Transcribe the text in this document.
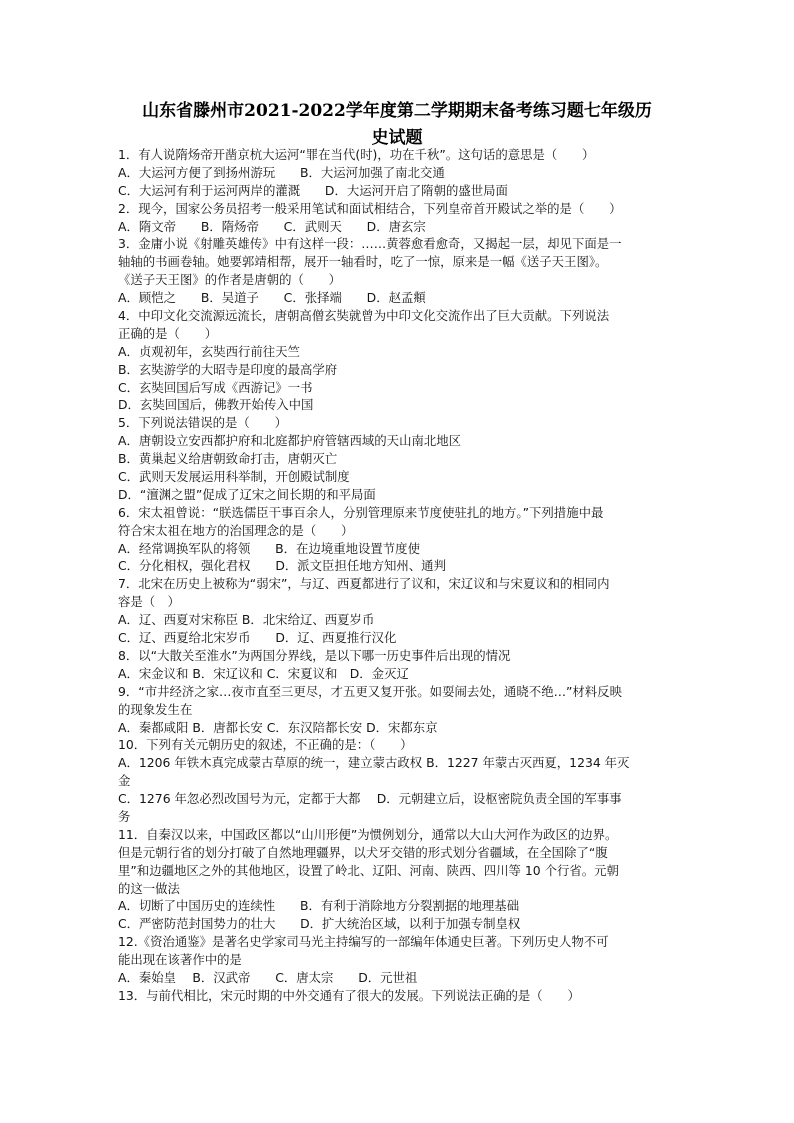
山东省滕州市2021-2022学年度第二学期期末备考练习题七年级历
史试题
1．有人说隋炀帝开凿京杭大运河“罪在当代(时)，功在千秋”。这句话的意思是（　　）
A．大运河方便了到扬州游玩　　B．大运河加强了南北交通
C．大运河有利于运河两岸的灌溉　　D．大运河开启了隋朝的盛世局面
2．现今，国家公务员招考一般采用笔试和面试相结合，下列皇帝首开殿试之举的是（　　）
A．隋文帝　　B．隋炀帝　　C．武则天　　D．唐玄宗
3．金庸小说《射雕英雄传》中有这样一段：……黄蓉愈看愈奇，又揭起一层，却见下面是一
轴轴的书画卷轴。她要郭靖相帮，展开一轴看时，吃了一惊，原来是一幅《送子天王图》。
《送子天王图》的作者是唐朝的（　　）
A．顾恺之　　B．吴道子　　C．张择端　　D．赵孟頫
4．中印文化交流源远流长，唐朝高僧玄奘就曾为中印文化交流作出了巨大贡献。下列说法
正确的是（　　）
A．贞观初年，玄奘西行前往天竺
B．玄奘游学的大昭寺是印度的最高学府
C．玄奘回国后写成《西游记》一书
D．玄奘回国后，佛教开始传入中国
5．下列说法错误的是（　　）
A．唐朝设立安西都护府和北庭都护府管辖西域的天山南北地区
B．黄巢起义给唐朝致命打击，唐朝灭亡
C．武则天发展运用科举制，开创殿试制度
D．“澶渊之盟”促成了辽宋之间长期的和平局面
6．宋太祖曾说：“朕选儒臣干事百余人，分别管理原来节度使驻扎的地方。”下列措施中最
符合宋太祖在地方的治国理念的是（　　）
A．经常调换军队的将领　　B．在边境重地设置节度使
C．分化相权，强化君权　　D．派文臣担任地方知州、通判
7．北宋在历史上被称为“弱宋”，与辽、西夏都进行了议和，宋辽议和与宋夏议和的相同内
容是（　）
A．辽、西夏对宋称臣 B．北宋给辽、西夏岁币
C．辽、西夏给北宋岁币　　D．辽、西夏推行汉化
8．以“大散关至淮水”为两国分界线，是以下哪一历史事件后出现的情况
A．宋金议和 B．宋辽议和 C．宋夏议和　D．金灭辽
9．“市井经济之家…夜市直至三更尽，才五更又复开张。如耍闹去处，通晓不绝…”材料反映
的现象发生在
A．秦都咸阳 B．唐都长安 C．东汉陪都长安 D．宋都东京
10．下列有关元朝历史的叙述，不正确的是：（　　）
A．1206 年铁木真完成蒙古草原的统一，建立蒙古政权 B．1227 年蒙古灭西夏，1234 年灭
金
C．1276 年忽必烈改国号为元，定都于大都　 D．元朝建立后，设枢密院负责全国的军事事
务
11．自秦汉以来，中国政区都以“山川形便”为惯例划分，通常以大山大河作为政区的边界。
但是元朝行省的划分打破了自然地理疆界，以犬牙交错的形式划分省疆域，在全国除了“腹
里”和边疆地区之外的其他地区，设置了岭北、辽阳、河南、陕西、四川等 10 个行省。元朝
的这一做法
A．切断了中国历史的连续性　　B．有利于消除地方分裂割据的地理基础
C．严密防范封国势力的壮大　　D．扩大统治区域，以利于加强专制皇权
12.《资治通鉴》是著名史学家司马光主持编写的一部编年体通史巨著。下列历史人物不可
能出现在该著作中的是
A．秦始皇　 B．汉武帝　　C．唐太宗　　D．元世祖
13．与前代相比，宋元时期的中外交通有了很大的发展。下列说法正确的是（　　）
